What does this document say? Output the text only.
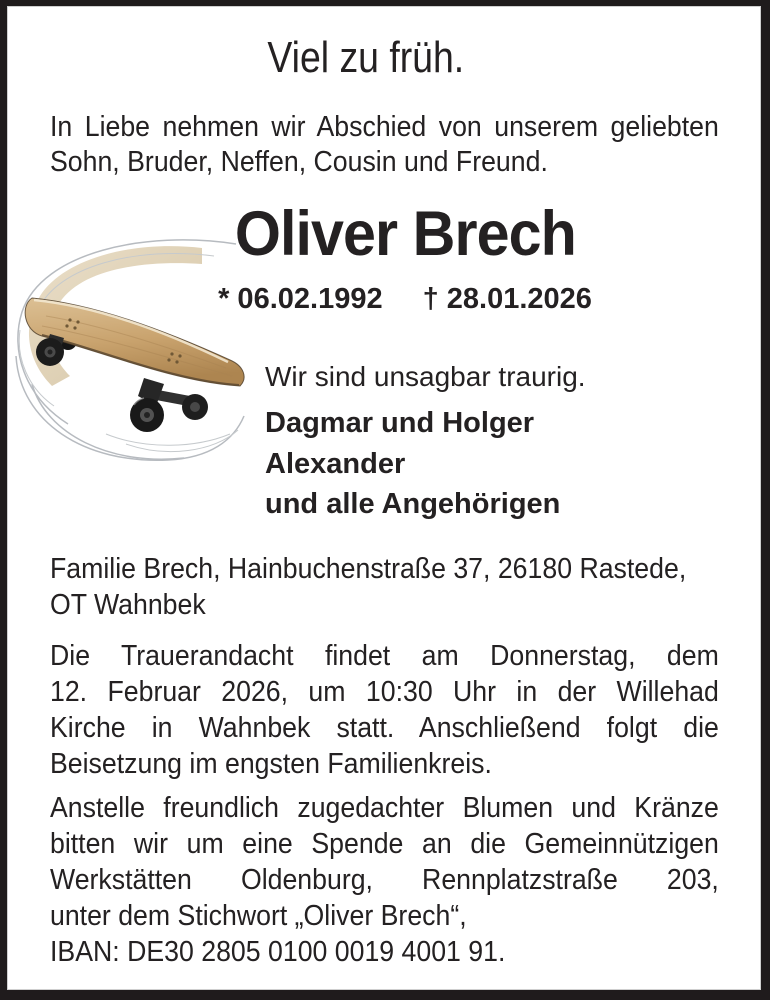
Viel zu früh.
In Liebe nehmen wir Abschied von unserem geliebten
Sohn, Bruder, Neffen, Cousin und Freund.
Oliver Brech
* 06.02.1992 † 28.01.2026
Wir sind unsagbar traurig.
Dagmar und Holger
Alexander
und alle Angehörigen
Familie Brech, Hainbuchenstraße 37, 26180 Rastede,
OT Wahnbek
Die Trauerandacht findet am Donnerstag, dem
12. Februar 2026, um 10:30 Uhr in der Willehad
Kirche in Wahnbek statt. Anschließend folgt die
Beisetzung im engsten Familienkreis.
Anstelle freundlich zugedachter Blumen und Kränze
bitten wir um eine Spende an die Gemeinnützigen
Werkstätten Oldenburg, Rennplatzstraße 203,
unter dem Stichwort „Oliver Brech“,
IBAN: DE30 2805 0100 0019 4001 91.
